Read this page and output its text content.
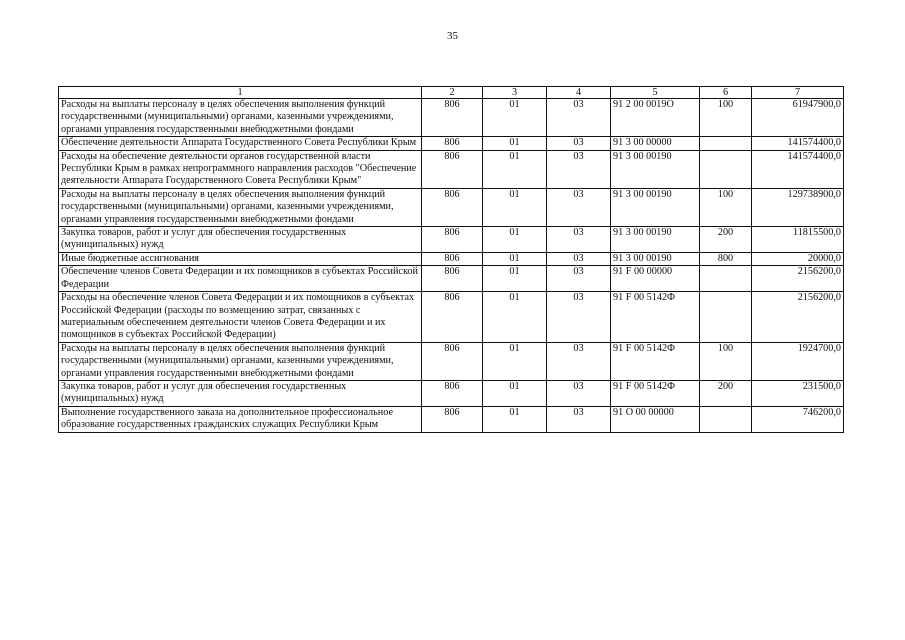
35
1	2	3	4	5	6	7
Расходы на выплаты персоналу в целях обеспечения выполнения функций государственными (муниципальными) органами, казенными учреждениями, органами управления государственными внебюджетными фондами	806	01	03	91 2 00 0019O	100	61947900,0
Обеспечение деятельности Аппарата Государственного Совета Республики Крым	806	01	03	91 3 00 00000		141574400,0
Расходы на обеспечение деятельности органов государственной власти Республики Крым в рамках непрограммного направления расходов "Обеспечение деятельности Аппарата Государственного Совета Республики Крым"	806	01	03	91 3 00 00190		141574400,0
Расходы на выплаты персоналу в целях обеспечения выполнения функций государственными (муниципальными) органами, казенными учреждениями, органами управления государственными внебюджетными фондами	806	01	03	91 3 00 00190	100	129738900,0
Закупка товаров, работ и услуг для обеспечения государственных (муниципальных) нужд	806	01	03	91 3 00 00190	200	11815500,0
Иные бюджетные ассигнования	806	01	03	91 3 00 00190	800	20000,0
Обеспечение членов Совета Федерации и их помощников в субъектах Российской Федерации	806	01	03	91 F 00 00000		2156200,0
Расходы на обеспечение членов Совета Федерации и их помощников в субъектах Российской Федерации (расходы по возмещению затрат, связанных с материальным обеспечением деятельности членов Совета Федерации и их помощников в субъектах Российской Федерации)	806	01	03	91 F 00 5142Ф		2156200,0
Расходы на выплаты персоналу в целях обеспечения выполнения функций государственными (муниципальными) органами, казенными учреждениями, органами управления государственными внебюджетными фондами	806	01	03	91 F 00 5142Ф	100	1924700,0
Закупка товаров, работ и услуг для обеспечения государственных (муниципальных) нужд	806	01	03	91 F 00 5142Ф	200	231500,0
Выполнение государственного заказа на дополнительное профессиональное образование государственных гражданских служащих Республики Крым	806	01	03	91 O 00 00000		746200,0
